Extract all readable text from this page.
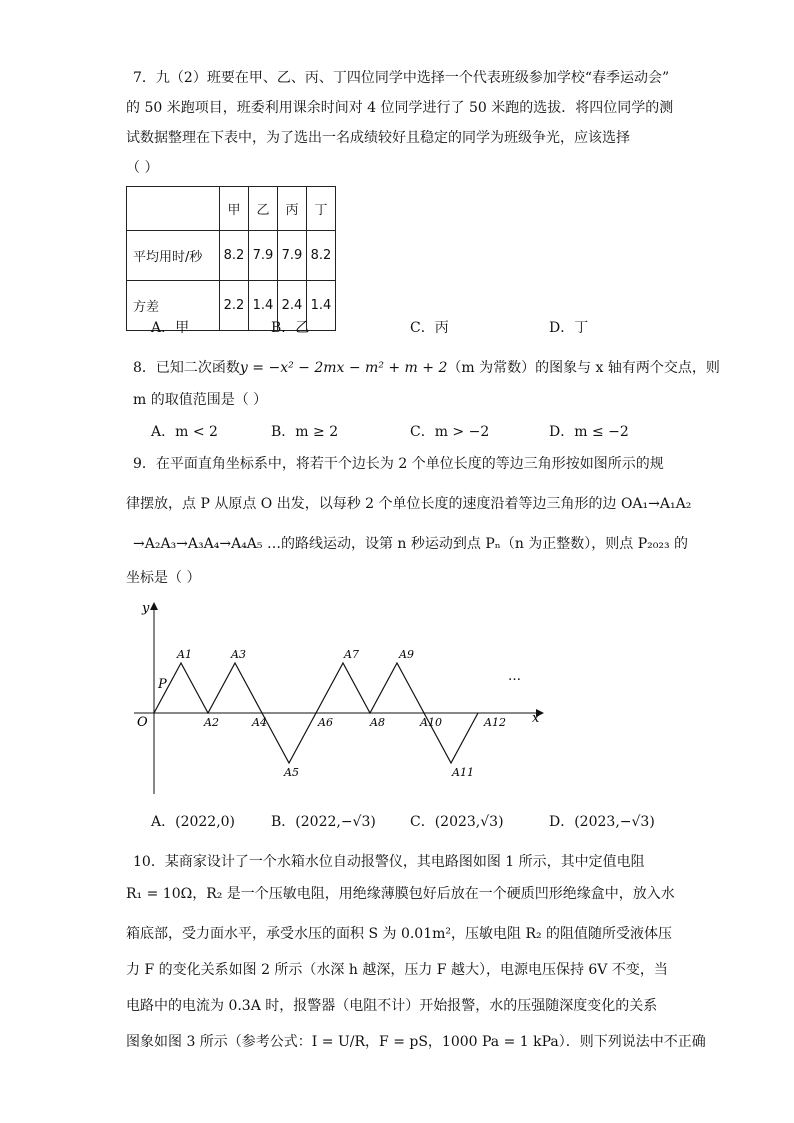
7．九（2）班要在甲、乙、丙、丁四位同学中选择一个代表班级参加学校“春季运动会”
的 50 米跑项目，班委利用课余时间对 4 位同学进行了 50 米跑的选拔．将四位同学的测
试数据整理在下表中，为了选出一名成绩较好且稳定的同学为班级争光，应该选择
（ ）
	甲	乙	丙	丁
平均用时/秒	8.2	7.9	7.9	8.2
方差	2.2	1.4	2.4	1.4
A．甲	B．乙	C．丙	D．丁
8．已知二次函数y = −x² − 2mx − m² + m + 2（m 为常数）的图象与 x 轴有两个交点，则
m 的取值范围是（ ）
A．m < 2	B．m ≥ 2	C．m > −2	D．m ≤ −2
9．在平面直角坐标系中，将若干个边长为 2 个单位长度的等边三角形按如图所示的规
律摆放，点 P 从原点 O 出发，以每秒 2 个单位长度的速度沿着等边三角形的边 OA₁→A₁A₂
→A₂A₃→A₃A₄→A₄A₅ …的路线运动，设第 n 秒运动到点 Pₙ（n 为正整数），则点 P₂₀₂₃ 的
坐标是（ ）
y
x
O
P
…
A1
A2
A3
A4
A5
A6
A7
A8
A9
A10
A11
A12
A．(2022,0)	B．(2022,−√3) C．(2023,√3)	D．(2023,−√3)
10．某商家设计了一个水箱水位自动报警仪，其电路图如图 1 所示，其中定值电阻
R₁ = 10Ω，R₂ 是一个压敏电阻，用绝缘薄膜包好后放在一个硬质凹形绝缘盒中，放入水
箱底部，受力面水平，承受水压的面积 S 为 0.01m²，压敏电阻 R₂ 的阻值随所受液体压
力 F 的变化关系如图 2 所示（水深 h 越深，压力 F 越大），电源电压保持 6V 不变，当
电路中的电流为 0.3A 时，报警器（电阻不计）开始报警，水的压强随深度变化的关系
图象如图 3 所示（参考公式：I = U/R，F = pS，1000 Pa = 1 kPa）．则下列说法中不正确
